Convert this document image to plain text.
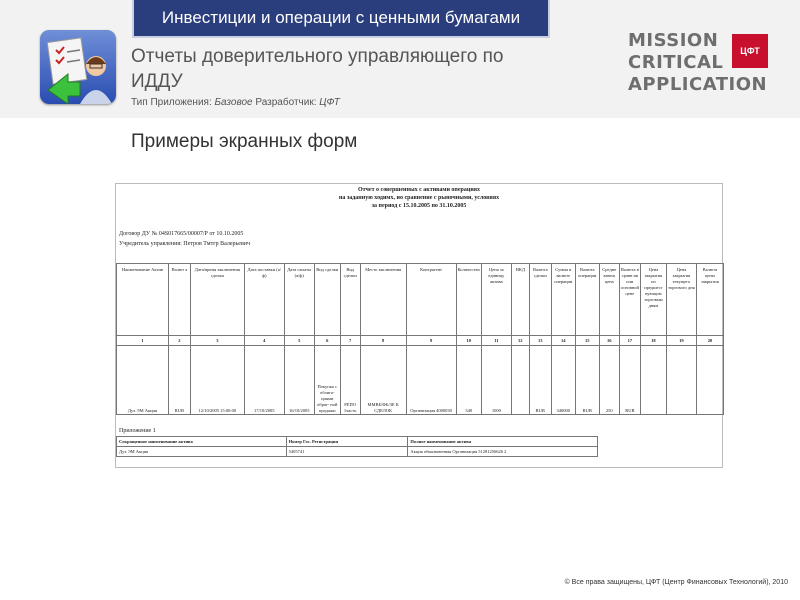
Инвестиции и операции с ценными бумагами
Отчеты доверительного управляющего по ИДДУ
Тип Приложения: Базовое Разработчик: ЦФТ
MISSION
CRITICAL
APPLICATION
ЦФТ
Примеры экранных форм
Отчет о совершенных с активами операциях
на заданную ходимх, ио сравнение с рыночными, условиях
за период с 15.10.2005 по 31.10.2005
Договор ДУ № 04S017665/00007/Р от 10.10.2005
Учредитель управления: Петров Тмтгр Валерьевич
Наименование Актив	Валют а	Дата/время заключения сделки	Дата поставки (а/ф)	Дата оплаты (а/ф)	Вид сделки	Вид сделки	Место заключения	Контрагент	Количество	Цена за единицу актива	НКД	Валюта сделки	Сумма в валюте операции	Валюта операции	Средне взвеш цена	Валюта в сравн ив или основной цене	Цена закрытия по предшест вующим торговым дням	Цена закрытия текущего торгового дня	Валюта цены закрытия
1	2	3	4	5	6	7	8	9	10	11	12	13	14	15	16	17	18	19	20
Дух ЭМ Акция	RUB	12/10/2005 15:00:00	17/10/2005	16/10/2005	Покупка с облига- циями обрат- ной продажи	РЕПО 1часть	ММВБ/ФБ/ЗЕ К СДЕЛОК	Организация 4000030	340	1000		RUB	340000	RUB	250	RUB			
Приложение 1
Сокращенное наименование актива	Номер Гос. Регистрации	Полное наименование актива
Дух ЭМ Акция	5405741	Акция обыкновенная Организация 51281256626 2
© Все права защищены, ЦФТ (Центр Финансовых Технологий), 2010
